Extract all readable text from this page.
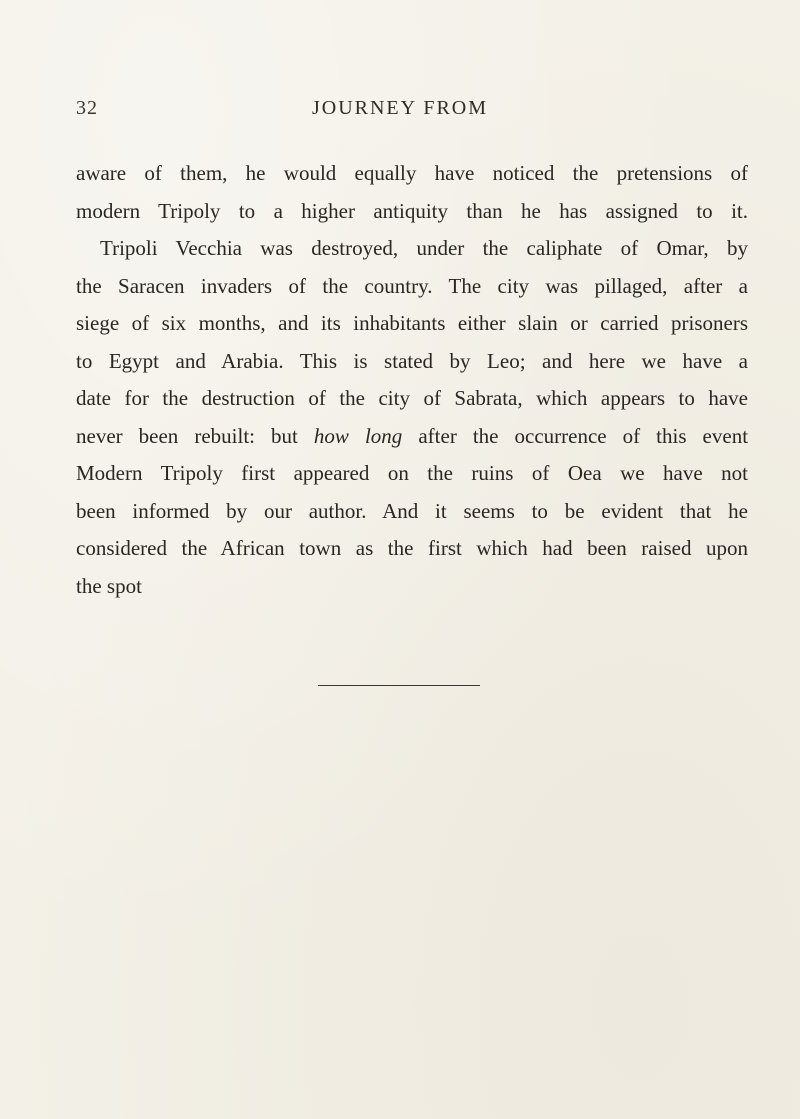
32	JOURNEY FROM
aware of them, he would equally have noticed the pretensions of
modern Tripoly to a higher antiquity than he has assigned to it.
Tripoli Vecchia was destroyed, under the caliphate of Omar, by
the Saracen invaders of the country. The city was pillaged, after a
siege of six months, and its inhabitants either slain or carried prisoners
to Egypt and Arabia. This is stated by Leo; and here we have a
date for the destruction of the city of Sabrata, which appears to have
never been rebuilt: but how long after the occurrence of this event
Modern Tripoly first appeared on the ruins of Oea we have not
been informed by our author. And it seems to be evident that he
considered the African town as the first which had been raised upon
the spot
